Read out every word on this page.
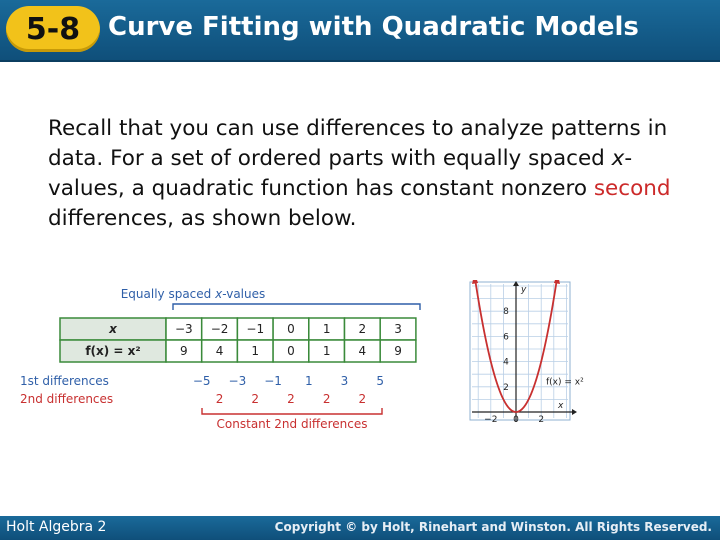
5-8	Curve Fitting with Quadratic Models
Recall that you can use differences to analyze patterns in data. For a set of ordered parts with equally spaced x-values, a quadratic function has constant nonzero second differences, as shown below.
Equally spaced x-values
x	−3 −2 −1 0 1 2 3
f(x) = x²	9 4 1 0 1 4 9
1st differences	−5 −3 −1 1 3 5
2nd differences	2 2 2 2 2
Constant 2nd differences
y
x
8
6
4
2
−2 0 2
f(x) = x²
Holt Algebra 2	Copyright © by Holt, Rinehart and Winston. All Rights Reserved.
